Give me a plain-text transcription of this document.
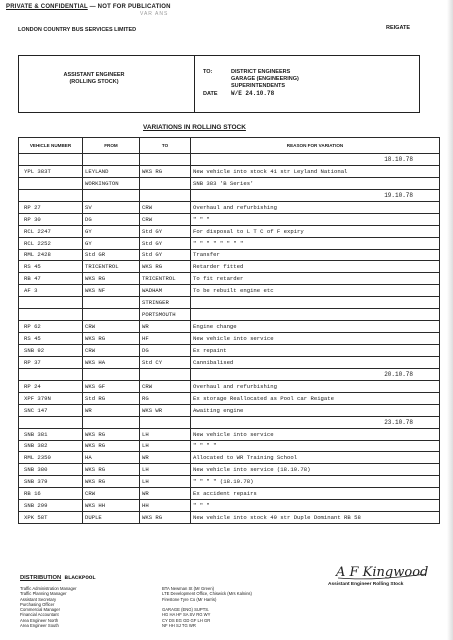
PRIVATE & CONFIDENTIAL — NOT FOR PUBLICATION
VAR ANS
LONDON COUNTRY BUS SERVICES LIMITED	REIGATE
ASSISTANT ENGINEER
(ROLLING STOCK)
TO:	DISTRICT ENGINEERS
GARAGE (ENGINEERING)
SUPERINTENDENTS
DATE W/E 24.10.78
VARIATIONS IN ROLLING STOCK
VEHICLE NUMBER	FROM	TO	REASON FOR VARIATION
			18.10.78
YPL 383T	LEYLAND	WKS RG	New vehicle into stock 41 str Leyland National
	WORKINGTON		SNB 383 'B Series'
			19.10.78
RP 27	SV	CRW	Overhaul and refurbishing
RP 30	DG	CRW	" " "
RCL 2247	GY	Std GY	For disposal to L T C of F expiry
RCL 2252	GY	Std GY	" " " " " " " "
RML 2428	Std GR	Std GY	Transfer
RS 45	TRICENTROL	WKS RG	Retarder fitted
RB 47	WKS RG	TRICENTROL	To fit retarder
AF 3	WKS NF	WADHAM	To be rebuilt engine etc
		STRINGER	
		PORTSMOUTH	
RP 62	CRW	WR	Engine change
RS 45	WKS RG	HF	New vehicle into service
SNB 92	CRW	DG	Ex repaint
RP 37	WKS HA	Std CY	Cannibalised
			20.10.78
RP 24	WKS GF	CRW	Overhaul and refurbishing
XPF 379N	Std RG	RG	Ex storage Reallocated as Pool car Reigate
SNC 147	WR	WKS WR	Awaiting engine
			23.10.78
SNB 381	WKS RG	LH	New vehicle into service
SNB 382	WKS RG	LH	" " " "
RML 2350	HA	WR	Allocated to WR Training School
SNB 380	WKS RG	LH	New vehicle into service (18.10.78)
SNB 379	WKS RG	LH	" " " " (18.10.78)
RB 16	CRW	WR	Ex accident repairs
SNB 299	WKS HH	HH	" " "
XPK 58T	DUPLE	WKS RG	New vehicle into stock 49 str Duple Dominant RB 58
DISTRIBUTION BLACKPOOL
Traffic Administration Manager
Traffic Planning Manager
Assistant Secretary
Purchasing Officer
Commercial Manager
Financial Accountant
Area Engineer North
Area Engineer South
BTA Newman St (Mr Green)
LTE Development Office, Chiswick (Mrs Kalnins)
Firestone Tyre Co (Mr Harris)

GARAGE (ENG) SUPTS.
HG HA HF SA SV RG WY
CY DS EG GD GF LH GR
NF HH SJ TG WR
A F Kingwood
Assistant Engineer Rolling Stock
